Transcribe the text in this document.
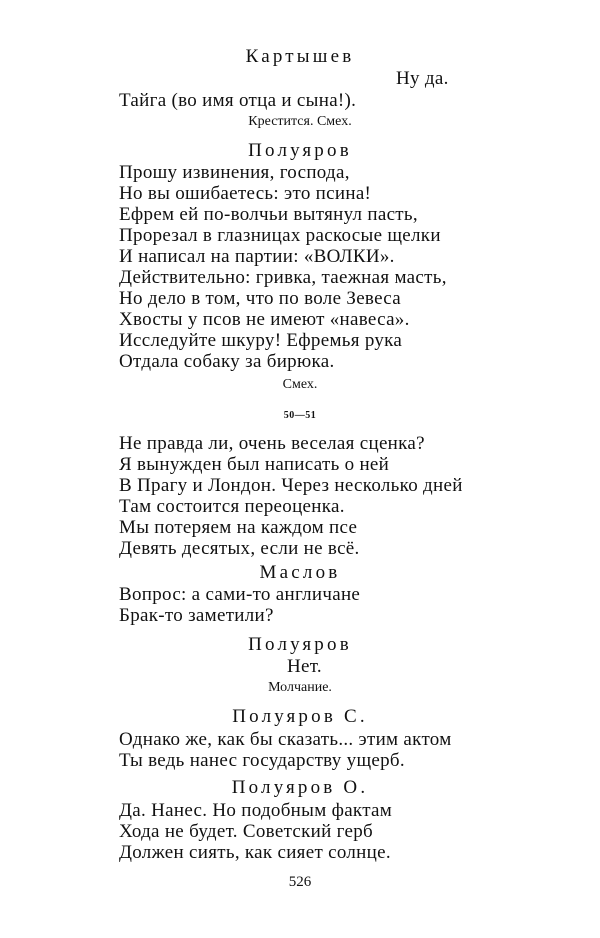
Картышев
Ну да.
Тайга (во имя отца и сына!).
Крестится. Смех.
Полуяров
Прошу извинения, господа,
Но вы ошибаетесь: это псина!
Ефрем ей по-волчьи вытянул пасть,
Прорезал в глазницах раскосые щелки
И написал на партии: «ВОЛКИ».
Действительно: гривка, таежная масть,
Но дело в том, что по воле Зевеса
Хвосты у псов не имеют «навеса».
Исследуйте шкуру! Ефремья рука
Отдала собаку за бирюка.
Смех.
50—51
Не правда ли, очень веселая сценка?
Я вынужден был написать о ней
В Прагу и Лондон. Через несколько дней
Там состоится переоценка.
Мы потеряем на каждом псе
Девять десятых, если не всё.
Маслов
Вопрос: а сами-то англичане
Брак-то заметили?
Полуяров
Нет.
Молчание.
Полуяров С.
Однако же, как бы сказать... этим актом
Ты ведь нанес государству ущерб.
Полуяров О.
Да. Нанес. Но подобным фактам
Хода не будет. Советский герб
Должен сиять, как сияет солнце.
526
